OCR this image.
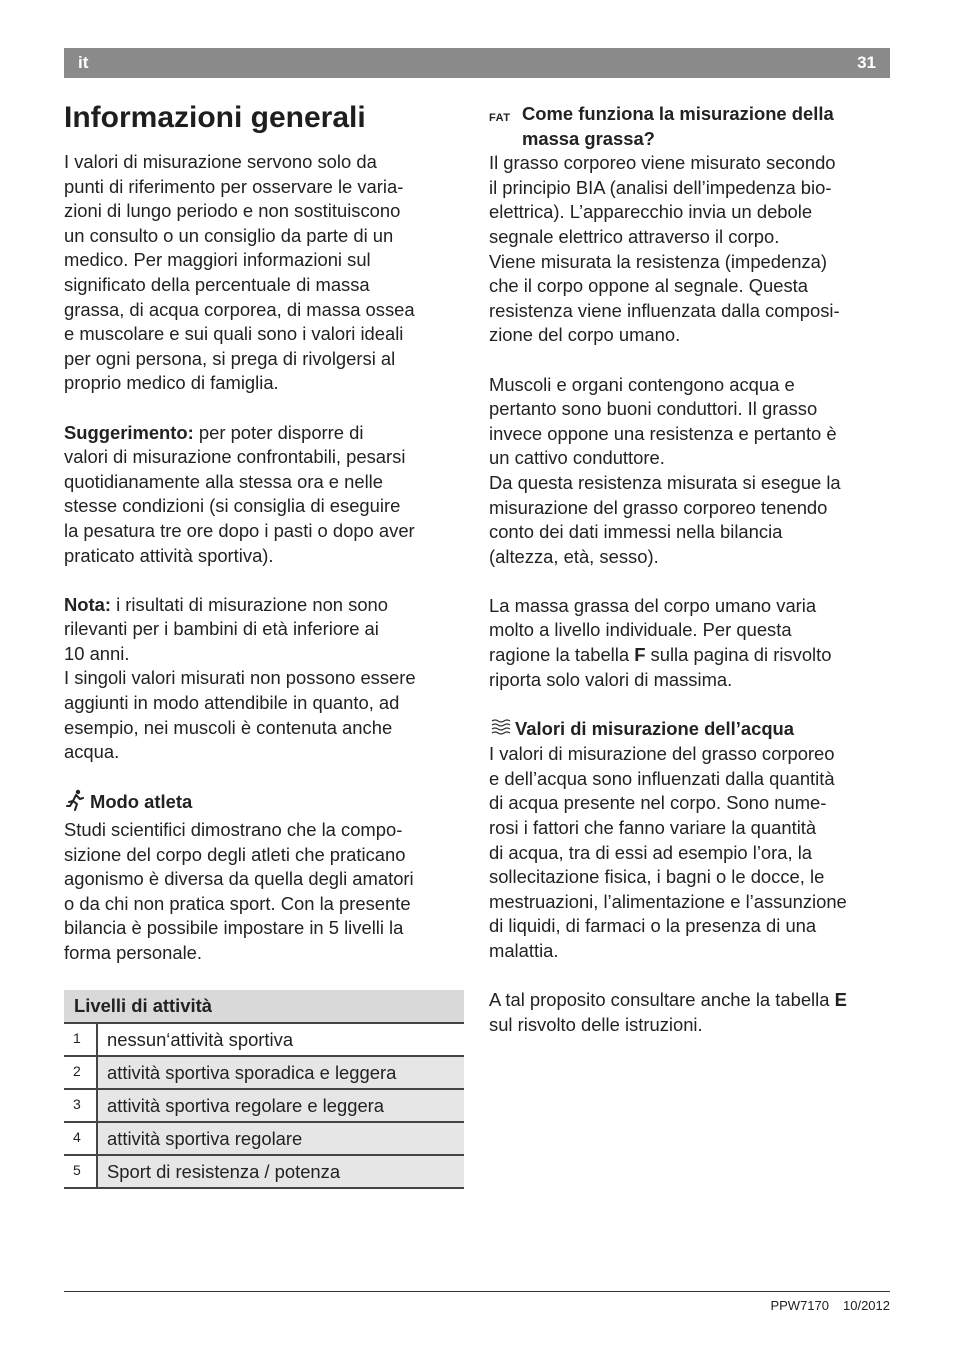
it	31
Informazioni generali

I valori di misurazione servono solo da
punti di riferimento per osservare le varia-
zioni di lungo periodo e non sostituiscono
un consulto o un consiglio da parte di un
medico. Per maggiori informazioni sul
significato della percentuale di massa
grassa, di acqua corporea, di massa ossea
e muscolare e sui quali sono i valori ideali
per ogni persona, si prega di rivolgersi al
proprio medico di famiglia.

Suggerimento: per poter disporre di
valori di misurazione confrontabili, pesarsi
quotidianamente alla stessa ora e nelle
stesse condizioni (si consiglia di eseguire
la pesatura tre ore dopo i pasti o dopo aver
praticato attività sportiva).

Nota: i risultati di misurazione non sono
rilevanti per i bambini di età inferiore ai
10 anni.
I singoli valori misurati non possono essere
aggiunti in modo attendibile in quanto, ad
esempio, nei muscoli è contenuta anche
acqua.

Modo atleta

Studi scientifici dimostrano che la compo-
sizione del corpo degli atleti che praticano
agonismo è diversa da quella degli amatori
o da chi non pratica sport. Con la presente
bilancia è possibile impostare in 5 livelli la
forma personale.

Livelli di attività	
1	nessun‘attività sportiva
2	attività sportiva sporadica e leggera
3	attività sportiva regolare e leggera
4	attività sportiva regolare
5	Sport di resistenza / potenza
FAT Come funziona la misurazione della
massa grassa?

Il grasso corporeo viene misurato secondo
il principio BIA (analisi dell’impedenza bio-
elettrica). L’apparecchio invia un debole
segnale elettrico attraverso il corpo.
Viene misurata la resistenza (impedenza)
che il corpo oppone al segnale. Questa
resistenza viene influenzata dalla composi-
zione del corpo umano.

Muscoli e organi contengono acqua e
pertanto sono buoni conduttori. Il grasso
invece oppone una resistenza e pertanto è
un cattivo conduttore.
Da questa resistenza misurata si esegue la
misurazione del grasso corporeo tenendo
conto dei dati immessi nella bilancia
(altezza, età, sesso).

La massa grassa del corpo umano varia
molto a livello individuale. Per questa
ragione la tabella F sulla pagina di risvolto
riporta solo valori di massima.

Valori di misurazione dell’acqua

I valori di misurazione del grasso corporeo
e dell’acqua sono influenzati dalla quantità
di acqua presente nel corpo. Sono nume-
rosi i fattori che fanno variare la quantità
di acqua, tra di essi ad esempio l’ora, la
sollecitazione fisica, i bagni o le docce, le
mestruazioni, l’alimentazione e l’assunzione
di liquidi, di farmaci o la presenza di una
malattia.

A tal proposito consultare anche la tabella E
sul risvolto delle istruzioni.

PPW7170 10/2012
